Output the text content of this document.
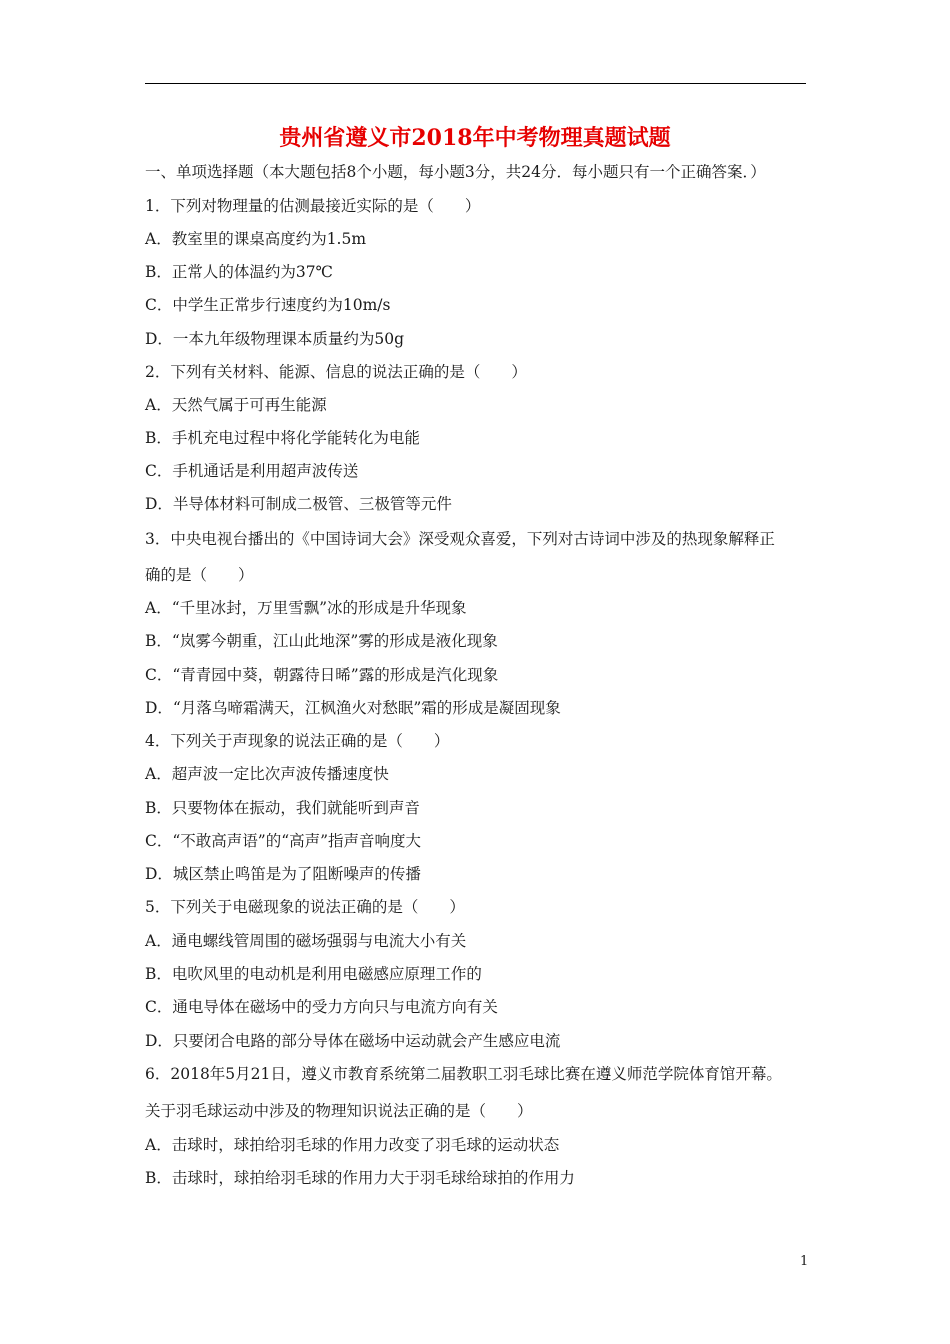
贵州省遵义市2018年中考物理真题试题
一、单项选择题（本大题包括8个小题，每小题3分，共24分．每小题只有一个正确答案．）
1．下列对物理量的估测最接近实际的是（　　）
A．教室里的课桌高度约为1.5m
B．正常人的体温约为37℃
C．中学生正常步行速度约为10m/s
D．一本九年级物理课本质量约为50g
2．下列有关材料、能源、信息的说法正确的是（　　）
A．天然气属于可再生能源
B．手机充电过程中将化学能转化为电能
C．手机通话是利用超声波传送
D．半导体材料可制成二极管、三极管等元件
3．中央电视台播出的《中国诗词大会》深受观众喜爱，下列对古诗词中涉及的热现象解释正
确的是（　　）
A．“千里冰封，万里雪飘”冰的形成是升华现象
B．“岚雾今朝重，江山此地深”雾的形成是液化现象
C．“青青园中葵，朝露待日晞”露的形成是汽化现象
D．“月落乌啼霜满天，江枫渔火对愁眠”霜的形成是凝固现象
4．下列关于声现象的说法正确的是（　　）
A．超声波一定比次声波传播速度快
B．只要物体在振动，我们就能听到声音
C．“不敢高声语”的“高声”指声音响度大
D．城区禁止鸣笛是为了阻断噪声的传播
5．下列关于电磁现象的说法正确的是（　　）
A．通电螺线管周围的磁场强弱与电流大小有关
B．电吹风里的电动机是利用电磁感应原理工作的
C．通电导体在磁场中的受力方向只与电流方向有关
D．只要闭合电路的部分导体在磁场中运动就会产生感应电流
6．2018年5月21日，遵义市教育系统第二届教职工羽毛球比赛在遵义师范学院体育馆开幕。
关于羽毛球运动中涉及的物理知识说法正确的是（　　）
A．击球时，球拍给羽毛球的作用力改变了羽毛球的运动状态
B．击球时，球拍给羽毛球的作用力大于羽毛球给球拍的作用力
1
